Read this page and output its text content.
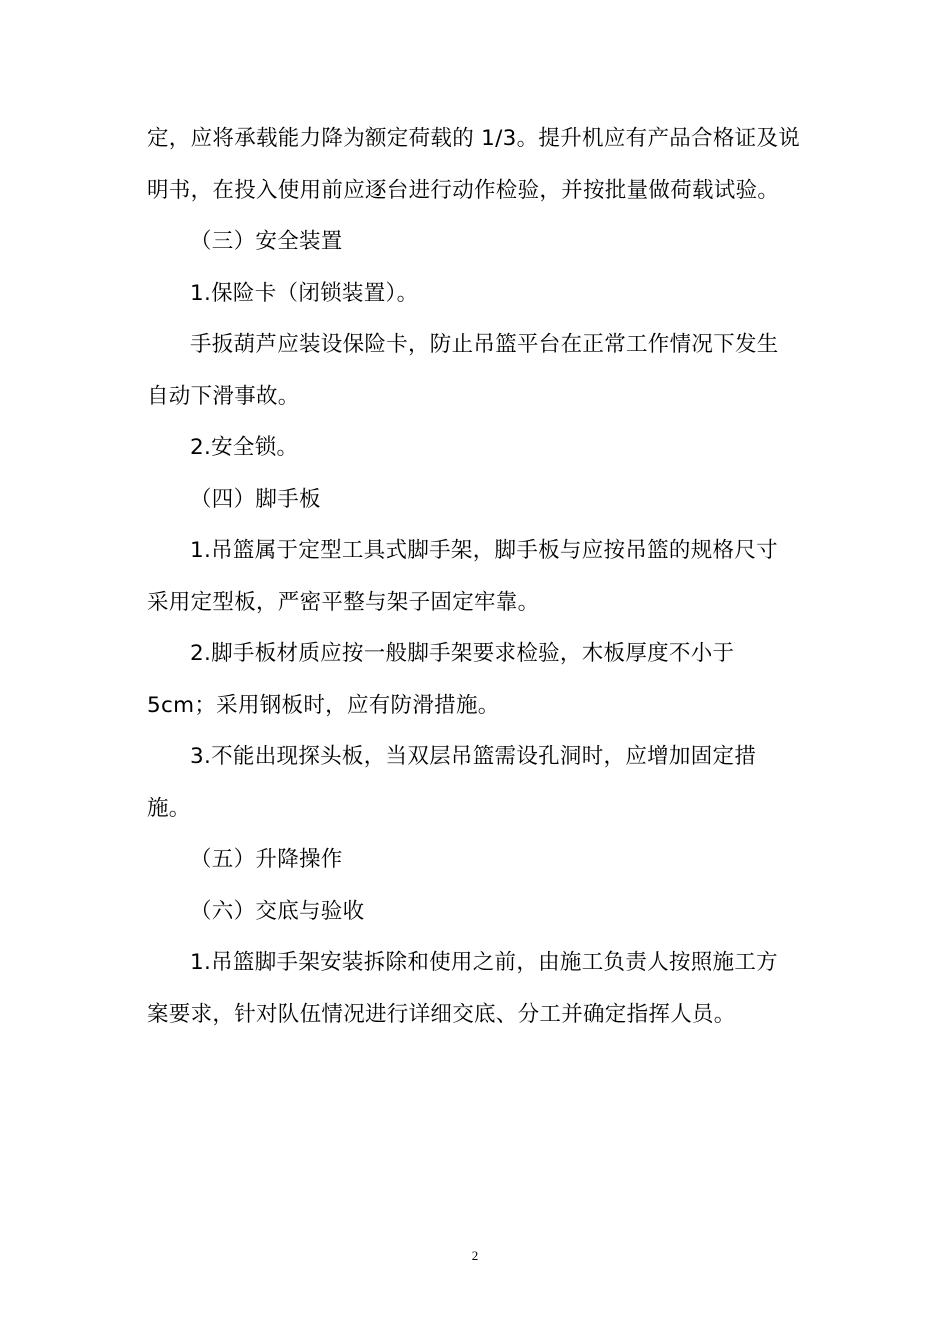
定，应将承载能力降为额定荷载的 1/3。提升机应有产品合格证及说
明书，在投入使用前应逐台进行动作检验，并按批量做荷载试验。
（三）安全装置
1.保险卡（闭锁装置）。
手扳葫芦应装设保险卡，防止吊篮平台在正常工作情况下发生
自动下滑事故。
2.安全锁。
（四）脚手板
1.吊篮属于定型工具式脚手架，脚手板与应按吊篮的规格尺寸
采用定型板，严密平整与架子固定牢靠。
2.脚手板材质应按一般脚手架要求检验，木板厚度不小于
5cm；采用钢板时，应有防滑措施。
3.不能出现探头板，当双层吊篮需设孔洞时，应增加固定措
施。
（五）升降操作
（六）交底与验收
1.吊篮脚手架安装拆除和使用之前，由施工负责人按照施工方
案要求，针对队伍情况进行详细交底、分工并确定指挥人员。
2
